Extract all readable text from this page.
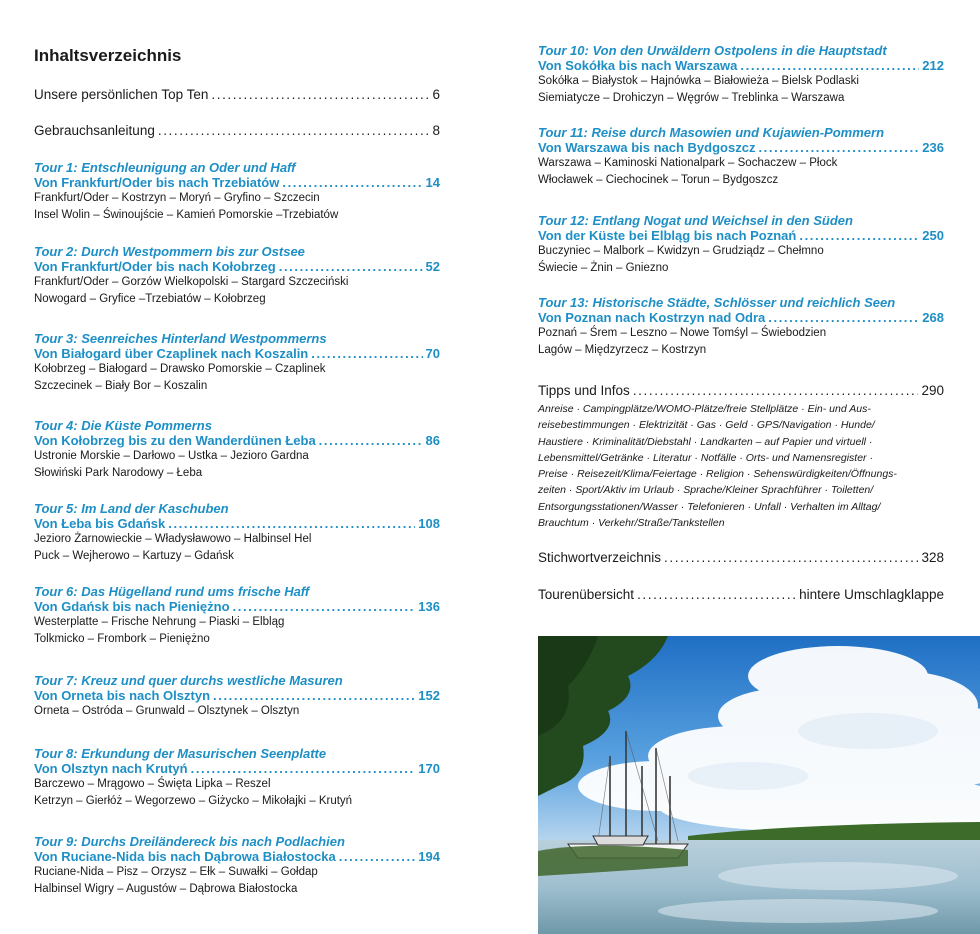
Inhaltsverzeichnis
Unsere persönlichen Top Ten .....	6
Gebrauchsanleitung .....	8
Tour 1: Entschleunigung an Oder und Haff
Von Frankfurt/Oder bis nach Trzebiatów .....	14
Frankfurt/Oder – Kostrzyn – Moryń – Gryfino – Szczecin
Insel Wolin – Świnoujście – Kamień Pomorskie –Trzebiatów
Tour 2: Durch Westpommern bis zur Ostsee
Von Frankfurt/Oder bis nach Kołobrzeg .....	52
Frankfurt/Oder – Gorzów Wielkopolski – Stargard Szczeciński
Nowogard – Gryfice –Trzebiatów – Kołobrzeg
Tour 3: Seenreiches Hinterland Westpommerns
Von Białogard über Czaplinek nach Koszalin .....	70
Kołobrzeg – Białogard – Drawsko Pomorskie – Czaplinek
Szczecinek – Biały Bor – Koszalin
Tour 4: Die Küste Pommerns
Von Kołobrzeg bis zu den Wanderdünen Łeba .....	86
Ustronie Morskie – Darłowo – Ustka – Jezioro Gardna
Słowiński Park Narodowy – Łeba
Tour 5: Im Land der Kaschuben
Von Łeba bis Gdańsk .....	108
Jezioro Żarnowieckie – Władysławowo – Halbinsel Hel
Puck – Wejherowo – Kartuzy – Gdańsk
Tour 6: Das Hügelland rund ums frische Haff
Von Gdańsk bis nach Pieniężno .....	136
Westerplatte – Frische Nehrung – Piaski – Elbląg
Tolkmicko – Frombork – Pieniężno
Tour 7: Kreuz und quer durchs westliche Masuren
Von Orneta bis nach Olsztyn .....	152
Orneta – Ostróda – Grunwald – Olsztynek – Olsztyn
Tour 8: Erkundung der Masurischen Seenplatte
Von Olsztyn nach Krutyń .....	170
Barczewo – Mrągowo – Święta Lipka – Reszel
Ketrzyn – Gierłóż – Wegorzewo – Giżycko – Mikołajki – Krutyń
Tour 9: Durchs Dreiländereck bis nach Podlachien
Von Ruciane-Nida bis nach Dąbrowa Białostocka .....	194
Ruciane-Nida – Pisz – Orzysz – Ełk – Suwałki – Gołdap
Halbinsel Wigry – Augustów – Dąbrowa Białostocka
Tour 10: Von den Urwäldern Ostpolens in die Hauptstadt
Von Sokółka bis nach Warszawa .....	212
Sokółka – Białystok – Hajnówka – Białowieża – Bielsk Podlaski
Siemiatycze – Drohiczyn – Węgrów – Treblinka – Warszawa
Tour 11: Reise durch Masowien und Kujawien-Pommern
Von Warszawa bis nach Bydgoszcz .....	236
Warszawa – Kaminoski Nationalpark – Sochaczew – Płock
Włocławek – Ciechocinek – Torun – Bydgoszcz
Tour 12: Entlang Nogat und Weichsel in den Süden
Von der Küste bei Elbląg bis nach Poznań .....	250
Buczyniec – Malbork – Kwidzyn – Grudziądz – Chełmno
Świecie – Żnin – Gniezno
Tour 13: Historische Städte, Schlösser und reichlich Seen
Von Poznan nach Kostrzyn nad Odra .....	268
Poznań – Śrem – Leszno – Nowe Tomśyl – Świebodzien
Lagów – Międzyrzecz – Kostrzyn
Tipps und Infos .....	290
Anreise · Campingplätze/WOMO-Plätze/freie Stellplätze · Ein- und Aus-
reisebestimmungen · Elektrizität · Gas · Geld · GPS/Navigation · Hunde/
Haustiere · Kriminalität/Diebstahl · Landkarten – auf Papier und virtuell ·
Lebensmittel/Getränke · Literatur · Notfälle · Orts- und Namensregister ·
Preise · Reisezeit/Klima/Feiertage · Religion · Sehenswürdigkeiten/Öffnungs-
zeiten · Sport/Aktiv im Urlaub · Sprache/Kleiner Sprachführer · Toiletten/
Entsorgungsstationen/Wasser · Telefonieren · Unfall · Verhalten im Alltag/
Brauchtum · Verkehr/Straße/Tankstellen
Stichwortverzeichnis .....	328
Tourenübersicht .....	hintere Umschlagklappe
